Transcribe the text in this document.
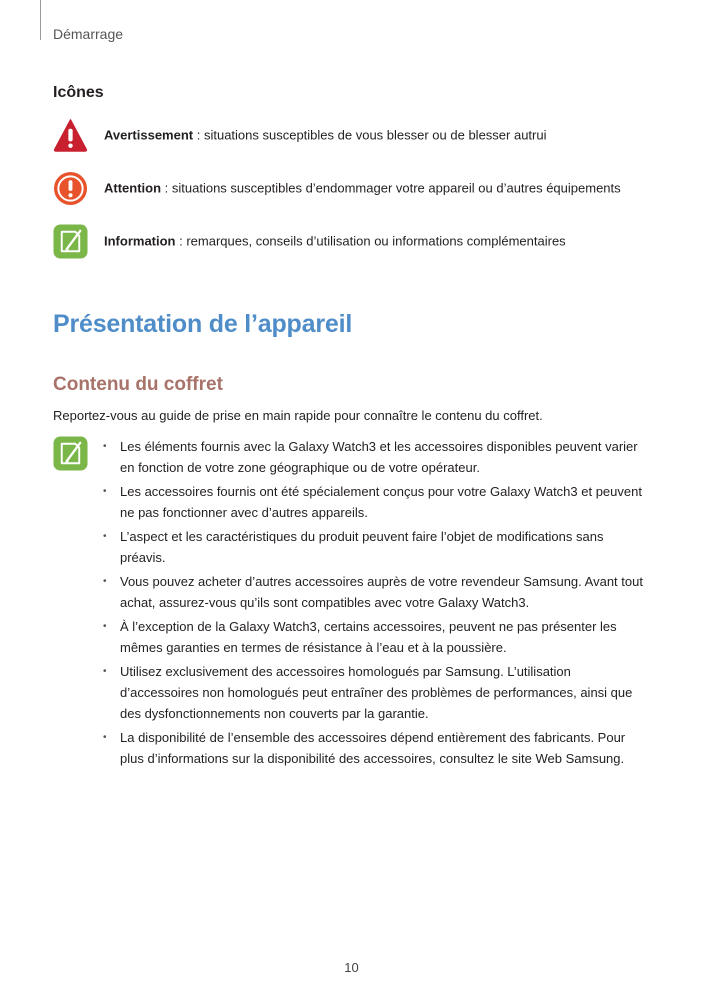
Démarrage
Icônes
Avertissement : situations susceptibles de vous blesser ou de blesser autrui
Attention : situations susceptibles d’endommager votre appareil ou d’autres équipements
Information : remarques, conseils d’utilisation ou informations complémentaires
Présentation de l’appareil
Contenu du coffret
Reportez-vous au guide de prise en main rapide pour connaître le contenu du coffret.
• Les éléments fournis avec la Galaxy Watch3 et les accessoires disponibles peuvent varier en fonction de votre zone géographique ou de votre opérateur.
• Les accessoires fournis ont été spécialement conçus pour votre Galaxy Watch3 et peuvent ne pas fonctionner avec d’autres appareils.
• L’aspect et les caractéristiques du produit peuvent faire l’objet de modifications sans préavis.
• Vous pouvez acheter d’autres accessoires auprès de votre revendeur Samsung. Avant tout achat, assurez-vous qu’ils sont compatibles avec votre Galaxy Watch3.
• À l’exception de la Galaxy Watch3, certains accessoires, peuvent ne pas présenter les mêmes garanties en termes de résistance à l’eau et à la poussière.
• Utilisez exclusivement des accessoires homologués par Samsung. L’utilisation d’accessoires non homologués peut entraîner des problèmes de performances, ainsi que des dysfonctionnements non couverts par la garantie.
• La disponibilité de l’ensemble des accessoires dépend entièrement des fabricants. Pour plus d’informations sur la disponibilité des accessoires, consultez le site Web Samsung.
10
